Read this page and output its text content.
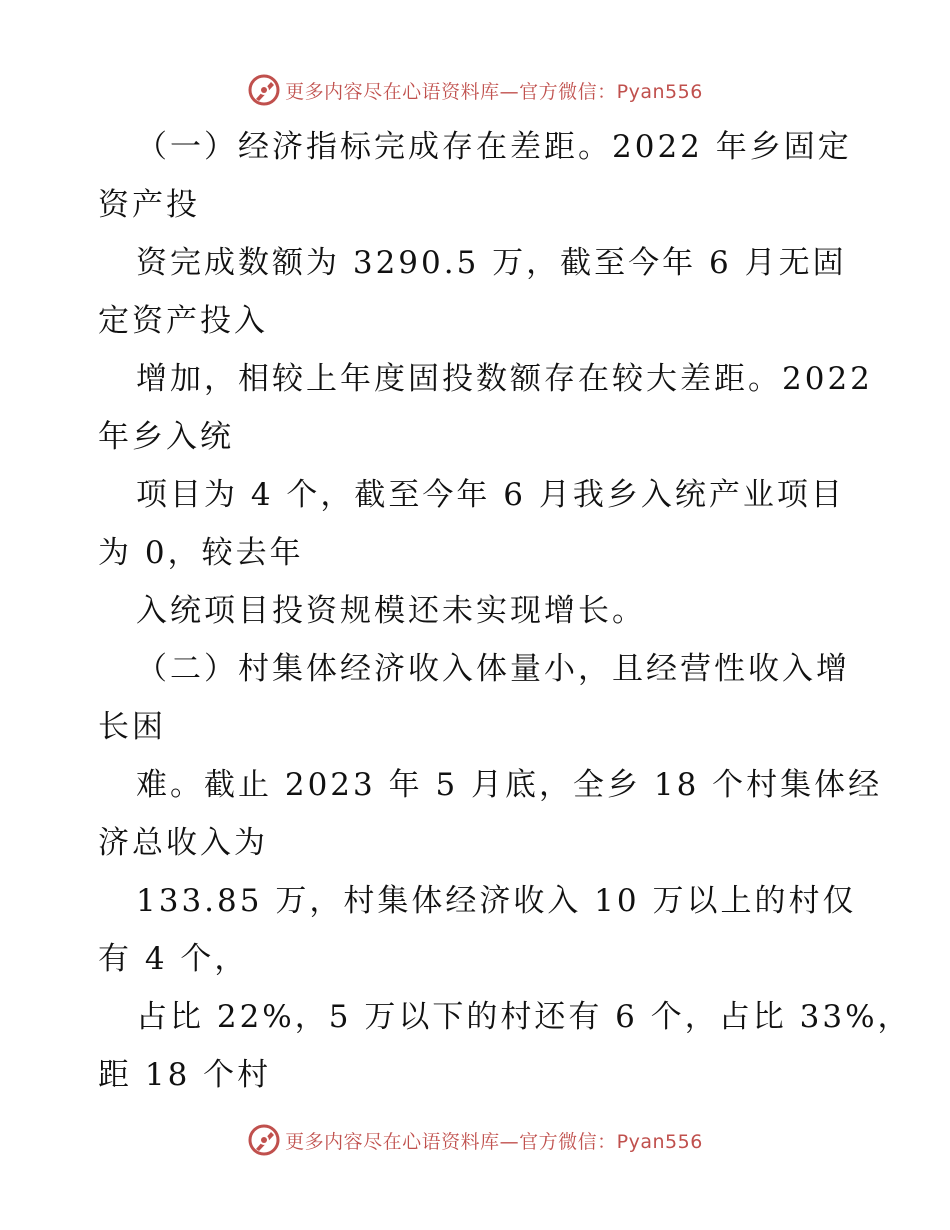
更多内容尽在心语资料库—官方微信：Pyan556
（一）经济指标完成存在差距。2022 年乡固定
资产投
资完成数额为 3290.5 万，截至今年 6 月无固
定资产投入
增加，相较上年度固投数额存在较大差距。2022
年乡入统
项目为 4 个，截至今年 6 月我乡入统产业项目
为 0，较去年
入统项目投资规模还未实现增长。
（二）村集体经济收入体量小，且经营性收入增
长困
难。截止 2023 年 5 月底，全乡 18 个村集体经
济总收入为
133.85 万，村集体经济收入 10 万以上的村仅
有 4 个，
占比 22%，5 万以下的村还有 6 个，占比 33%，
距 18 个村
更多内容尽在心语资料库—官方微信：Pyan556
